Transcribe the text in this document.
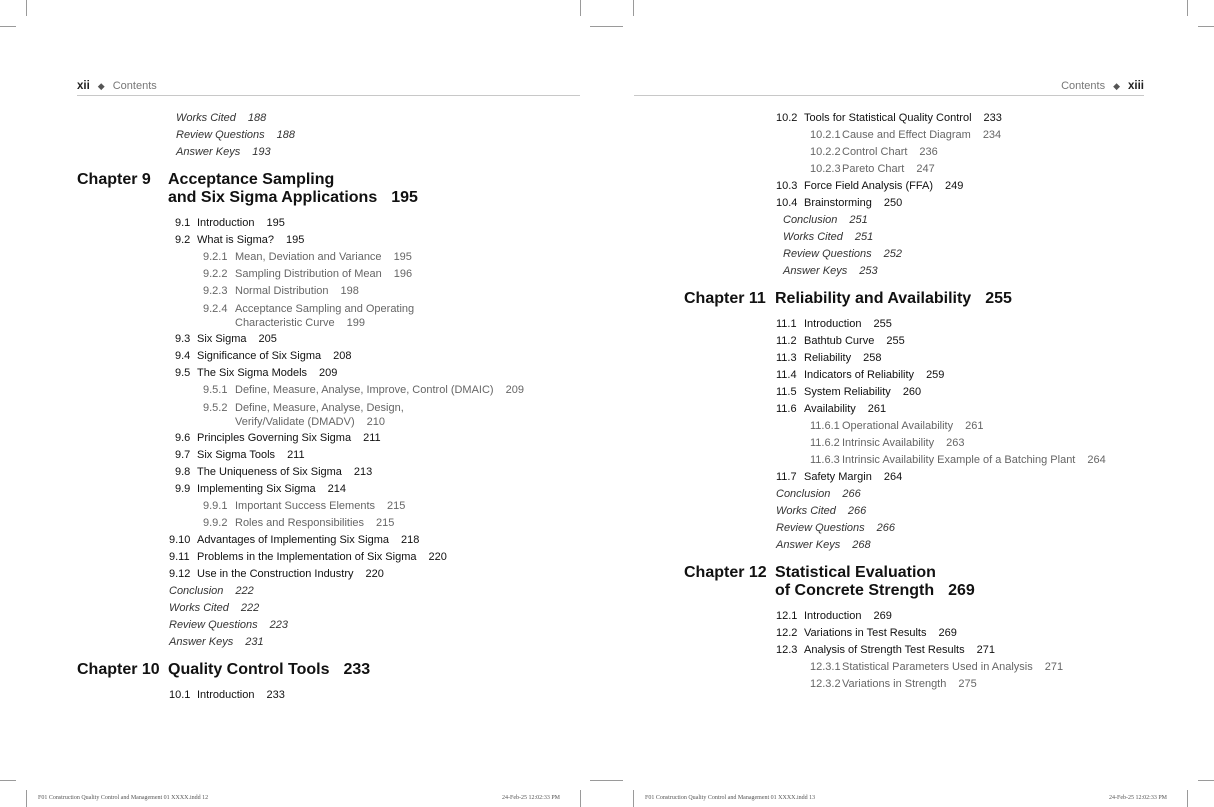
xii ◆ Contents
Works Cited 188
Review Questions 188
Answer Keys 193
Chapter 9 Acceptance Sampling
and Six Sigma Applications 195
9.1 Introduction 195
9.2 What is Sigma? 195
9.2.1 Mean, Deviation and Variance 195
9.2.2 Sampling Distribution of Mean 196
9.2.3 Normal Distribution 198
9.2.4 Acceptance Sampling and Operating
Characteristic Curve 199
9.3 Six Sigma 205
9.4 Significance of Six Sigma 208
9.5 The Six Sigma Models 209
9.5.1 Define, Measure, Analyse, Improve, Control (DMAIC) 209
9.5.2 Define, Measure, Analyse, Design,
Verify/Validate (DMADV) 210
9.6 Principles Governing Six Sigma 211
9.7 Six Sigma Tools 211
9.8 The Uniqueness of Six Sigma 213
9.9 Implementing Six Sigma 214
9.9.1 Important Success Elements 215
9.9.2 Roles and Responsibilities 215
9.10 Advantages of Implementing Six Sigma 218
9.11 Problems in the Implementation of Six Sigma 220
9.12 Use in the Construction Industry 220
Conclusion 222
Works Cited 222
Review Questions 223
Answer Keys 231
Chapter 10 Quality Control Tools 233
10.1 Introduction 233
F01 Construction Quality Control and Management 01 XXXX.indd 12	24-Feb-25 12:02:33 PM
Contents ◆ xiii
10.2 Tools for Statistical Quality Control 233
10.2.1 Cause and Effect Diagram 234
10.2.2 Control Chart 236
10.2.3 Pareto Chart 247
10.3 Force Field Analysis (FFA) 249
10.4 Brainstorming 250
Conclusion 251
Works Cited 251
Review Questions 252
Answer Keys 253
Chapter 11 Reliability and Availability 255
11.1 Introduction 255
11.2 Bathtub Curve 255
11.3 Reliability 258
11.4 Indicators of Reliability 259
11.5 System Reliability 260
11.6 Availability 261
11.6.1 Operational Availability 261
11.6.2 Intrinsic Availability 263
11.6.3 Intrinsic Availability Example of a Batching Plant 264
11.7 Safety Margin 264
Conclusion 266
Works Cited 266
Review Questions 266
Answer Keys 268
Chapter 12 Statistical Evaluation
of Concrete Strength 269
12.1 Introduction 269
12.2 Variations in Test Results 269
12.3 Analysis of Strength Test Results 271
12.3.1 Statistical Parameters Used in Analysis 271
12.3.2 Variations in Strength 275
F01 Construction Quality Control and Management 01 XXXX.indd 13	24-Feb-25 12:02:33 PM
